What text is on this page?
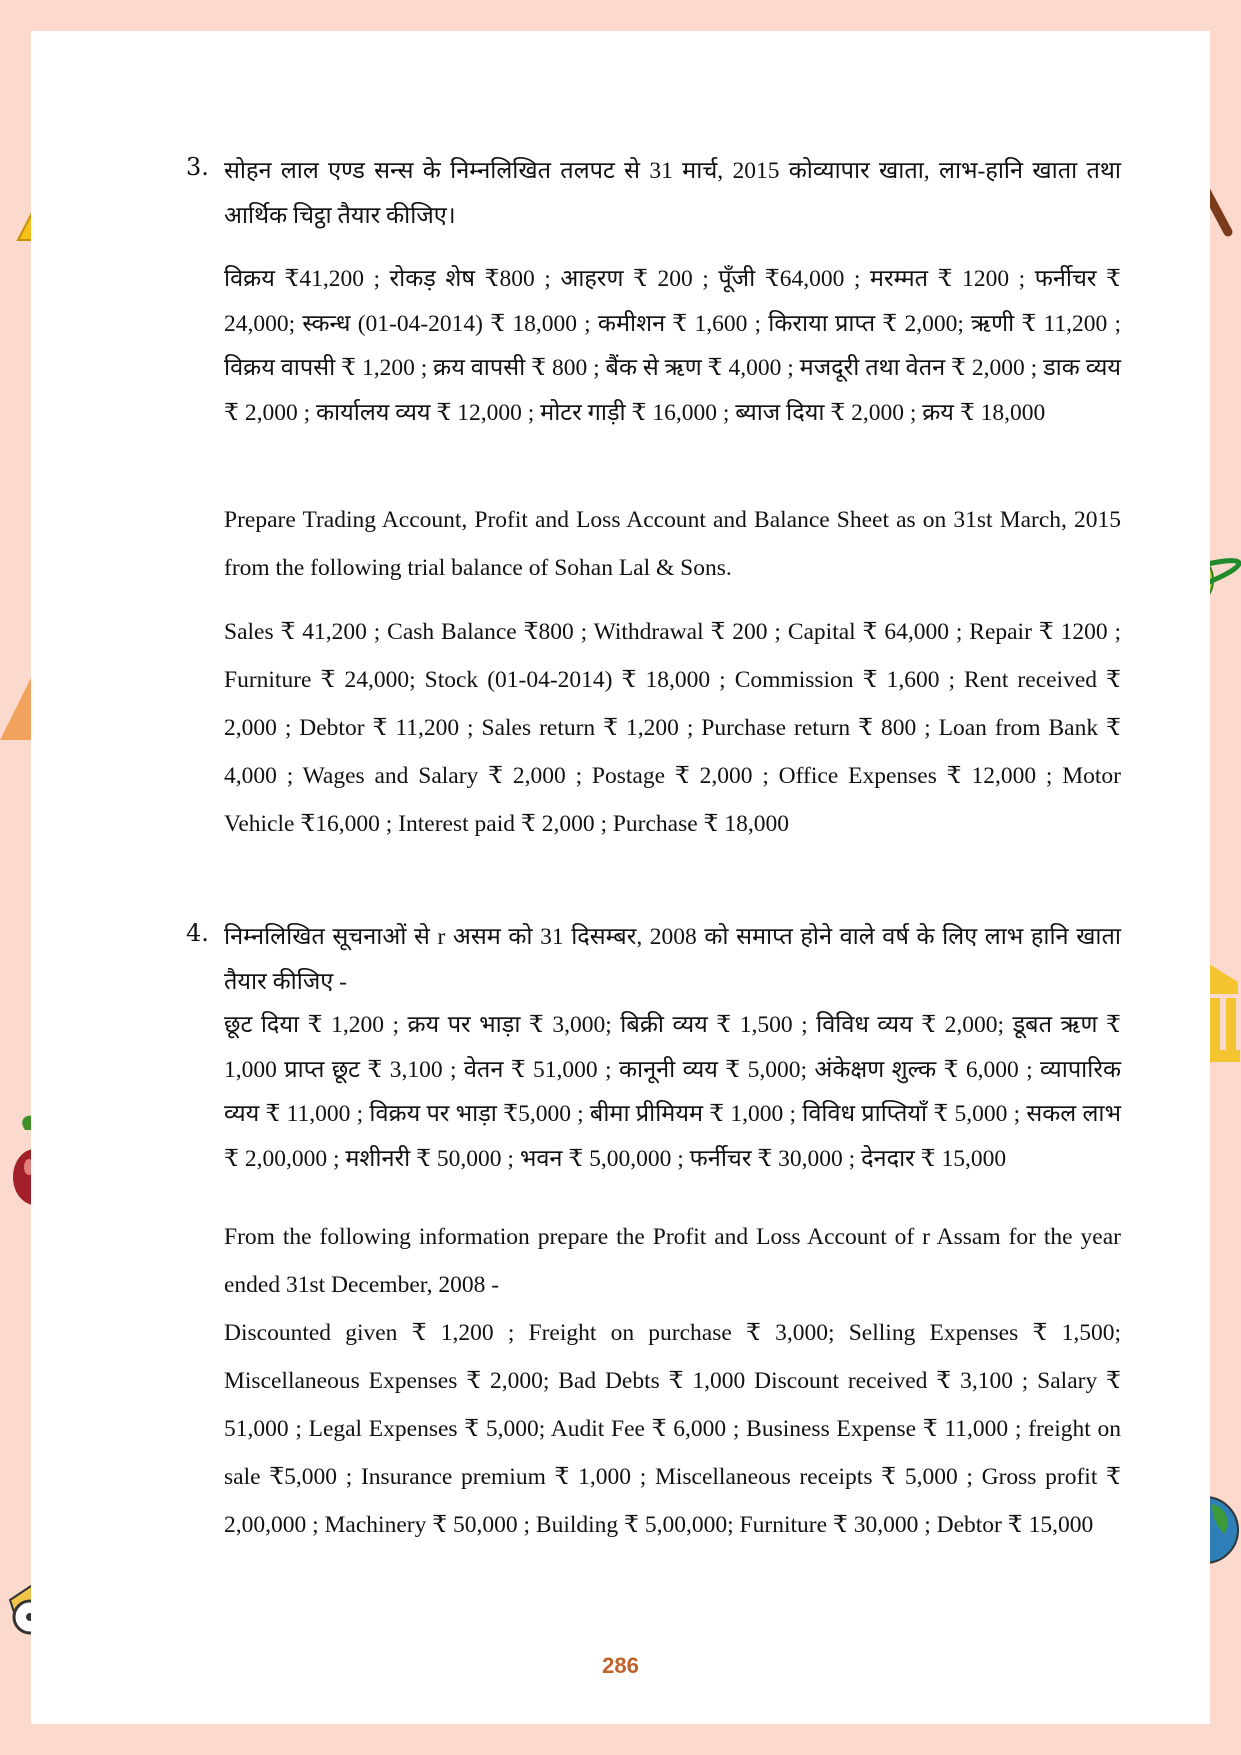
3. सोहन लाल एण्ड सन्स के निम्नलिखित तलपट से 31 मार्च, 2015 कोव्यापार खाता, लाभ-हानि खाता तथा आर्थिक चिट्ठा तैयार कीजिए।
विक्रय ₹41,200 ; रोकड़ शेष ₹800 ; आहरण ₹ 200 ; पूँजी ₹64,000 ; मरम्मत ₹ 1200 ; फर्नीचर ₹ 24,000; स्कन्ध (01-04-2014) ₹ 18,000 ; कमीशन ₹ 1,600 ; किराया प्राप्त ₹ 2,000; ऋणी ₹ 11,200 ; विक्रय वापसी ₹ 1,200 ; क्रय वापसी ₹ 800 ; बैंक से ऋण ₹ 4,000 ; मजदूरी तथा वेतन ₹ 2,000 ; डाक व्यय ₹ 2,000 ; कार्यालय व्यय ₹ 12,000 ; मोटर गाड़ी ₹ 16,000 ; ब्याज दिया ₹ 2,000 ; क्रय ₹ 18,000
Prepare Trading Account, Profit and Loss Account and Balance Sheet as on 31st March, 2015 from the following trial balance of Sohan Lal & Sons.
Sales ₹ 41,200 ; Cash Balance ₹800 ; Withdrawal ₹ 200 ; Capital ₹ 64,000 ; Repair ₹ 1200 ; Furniture ₹ 24,000; Stock (01-04-2014) ₹ 18,000 ; Commission ₹ 1,600 ; Rent received ₹ 2,000 ; Debtor ₹ 11,200 ; Sales return ₹ 1,200 ; Purchase return ₹ 800 ; Loan from Bank ₹ 4,000 ; Wages and Salary ₹ 2,000 ; Postage ₹ 2,000 ; Office Expenses ₹ 12,000 ; Motor Vehicle ₹16,000 ; Interest paid ₹ 2,000 ; Purchase ₹ 18,000
4. निम्नलिखित सूचनाओं से r असम को 31 दिसम्बर, 2008 को समाप्त होने वाले वर्ष के लिए लाभ हानि खाता तैयार कीजिए -
छूट दिया ₹ 1,200 ; क्रय पर भाड़ा ₹ 3,000; बिक्री व्यय ₹ 1,500 ; विविध व्यय ₹ 2,000; डूबत ऋण ₹ 1,000 प्राप्त छूट ₹ 3,100 ; वेतन ₹ 51,000 ; कानूनी व्यय ₹ 5,000; अंकेक्षण शुल्क ₹ 6,000 ; व्यापारिक व्यय ₹ 11,000 ; विक्रय पर भाड़ा ₹5,000 ; बीमा प्रीमियम ₹ 1,000 ; विविध प्राप्तियाँ ₹ 5,000 ; सकल लाभ ₹ 2,00,000 ; मशीनरी ₹ 50,000 ; भवन ₹ 5,00,000 ; फर्नीचर ₹ 30,000 ; देनदार ₹ 15,000
From the following information prepare the Profit and Loss Account of r Assam for the year ended 31st December, 2008 -
Discounted given ₹ 1,200 ; Freight on purchase ₹ 3,000; Selling Expenses ₹ 1,500; Miscellaneous Expenses ₹ 2,000; Bad Debts ₹ 1,000 Discount received ₹ 3,100 ; Salary ₹ 51,000 ; Legal Expenses ₹ 5,000; Audit Fee ₹ 6,000 ; Business Expense ₹ 11,000 ; freight on sale ₹5,000 ; Insurance premium ₹ 1,000 ; Miscellaneous receipts ₹ 5,000 ; Gross profit ₹ 2,00,000 ; Machinery ₹ 50,000 ; Building ₹ 5,00,000; Furniture ₹ 30,000 ; Debtor ₹ 15,000
286
